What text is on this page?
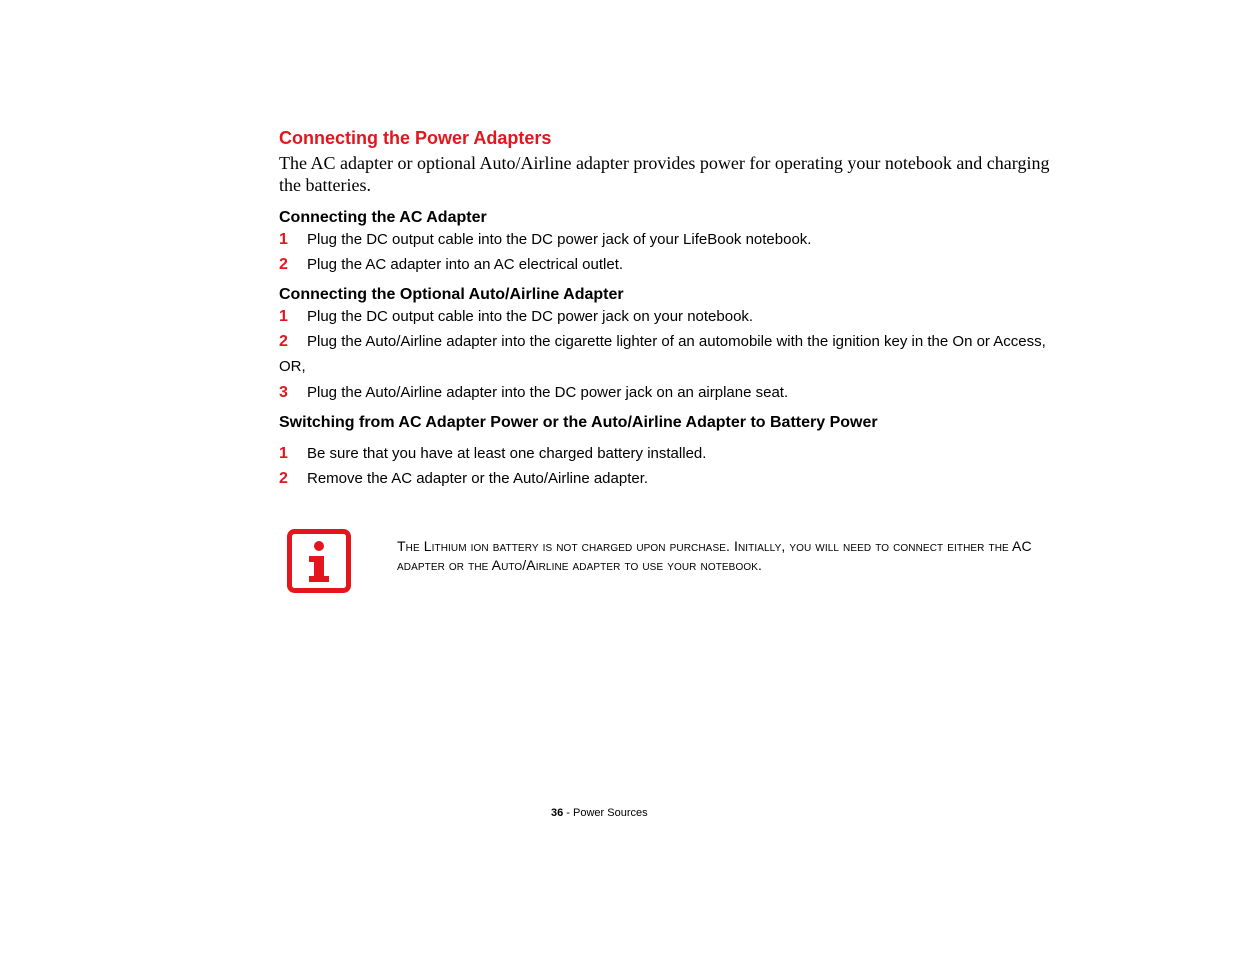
Connecting the Power Adapters

The AC adapter or optional Auto/Airline adapter provides power for operating your notebook and charging the batteries.

Connecting the AC Adapter
1	Plug the DC output cable into the DC power jack of your LifeBook notebook.
2	Plug the AC adapter into an AC electrical outlet.
Connecting the Optional Auto/Airline Adapter
1	Plug the DC output cable into the DC power jack on your notebook.
2	Plug the Auto/Airline adapter into the cigarette lighter of an automobile with the ignition key in the On or Access,
OR,
3	Plug the Auto/Airline adapter into the DC power jack on an airplane seat.
Switching from AC Adapter Power or the Auto/Airline Adapter to Battery Power
1	Be sure that you have at least one charged battery installed.
2	Remove the AC adapter or the Auto/Airline adapter.
The Lithium ion battery is not charged upon purchase. Initially, you will need to connect either the AC adapter or the Auto/Airline adapter to use your notebook.
36 - Power Sources
